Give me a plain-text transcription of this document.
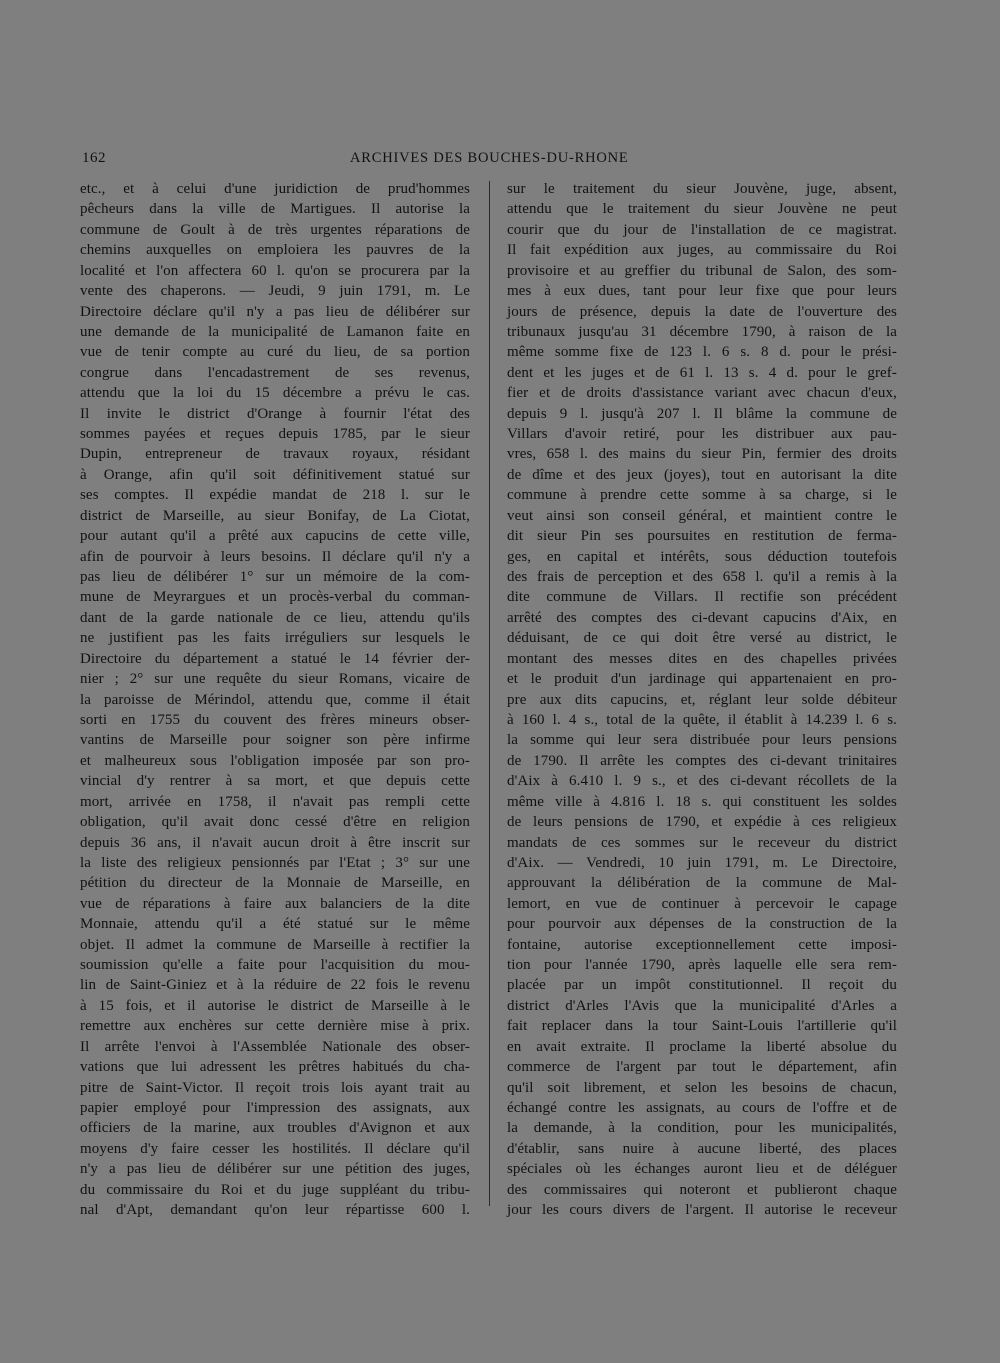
162	ARCHIVES DES BOUCHES-DU-RHONE
etc., et à celui d'une juridiction de prud'hommes
pêcheurs dans la ville de Martigues. Il autorise la
commune de Goult à de très urgentes réparations de
chemins auxquelles on emploiera les pauvres de la
localité et l'on affectera 60 l. qu'on se procurera par la
vente des chaperons. — Jeudi, 9 juin 1791, m. Le
Directoire déclare qu'il n'y a pas lieu de délibérer sur
une demande de la municipalité de Lamanon faite en
vue de tenir compte au curé du lieu, de sa portion
congrue dans l'encadastrement de ses revenus,
attendu que la loi du 15 décembre a prévu le cas.
Il invite le district d'Orange à fournir l'état des
sommes payées et reçues depuis 1785, par le sieur
Dupin, entrepreneur de travaux royaux, résidant
à Orange, afin qu'il soit définitivement statué sur
ses comptes. Il expédie mandat de 218 l. sur le
district de Marseille, au sieur Bonifay, de La Ciotat,
pour autant qu'il a prêté aux capucins de cette ville,
afin de pourvoir à leurs besoins. Il déclare qu'il n'y a
pas lieu de délibérer 1° sur un mémoire de la com-
mune de Meyrargues et un procès-verbal du comman-
dant de la garde nationale de ce lieu, attendu qu'ils
ne justifient pas les faits irréguliers sur lesquels le
Directoire du département a statué le 14 février der-
nier ; 2° sur une requête du sieur Romans, vicaire de
la paroisse de Mérindol, attendu que, comme il était
sorti en 1755 du couvent des frères mineurs obser-
vantins de Marseille pour soigner son père infirme
et malheureux sous l'obligation imposée par son pro-
vincial d'y rentrer à sa mort, et que depuis cette
mort, arrivée en 1758, il n'avait pas rempli cette
obligation, qu'il avait donc cessé d'être en religion
depuis 36 ans, il n'avait aucun droit à être inscrit sur
la liste des religieux pensionnés par l'Etat ; 3° sur une
pétition du directeur de la Monnaie de Marseille, en
vue de réparations à faire aux balanciers de la dite
Monnaie, attendu qu'il a été statué sur le même
objet. Il admet la commune de Marseille à rectifier la
soumission qu'elle a faite pour l'acquisition du mou-
lin de Saint-Giniez et à la réduire de 22 fois le revenu
à 15 fois, et il autorise le district de Marseille à le
remettre aux enchères sur cette dernière mise à prix.
Il arrête l'envoi à l'Assemblée Nationale des obser-
vations que lui adressent les prêtres habitués du cha-
pitre de Saint-Victor. Il reçoit trois lois ayant trait au
papier employé pour l'impression des assignats, aux
officiers de la marine, aux troubles d'Avignon et aux
moyens d'y faire cesser les hostilités. Il déclare qu'il
n'y a pas lieu de délibérer sur une pétition des juges,
du commissaire du Roi et du juge suppléant du tribu-
nal d'Apt, demandant qu'on leur répartisse 600 l.
sur le traitement du sieur Jouvène, juge, absent,
attendu que le traitement du sieur Jouvène ne peut
courir que du jour de l'installation de ce magistrat.
Il fait expédition aux juges, au commissaire du Roi
provisoire et au greffier du tribunal de Salon, des som-
mes à eux dues, tant pour leur fixe que pour leurs
jours de présence, depuis la date de l'ouverture des
tribunaux jusqu'au 31 décembre 1790, à raison de la
même somme fixe de 123 l. 6 s. 8 d. pour le prési-
dent et les juges et de 61 l. 13 s. 4 d. pour le gref-
fier et de droits d'assistance variant avec chacun d'eux,
depuis 9 l. jusqu'à 207 l. Il blâme la commune de
Villars d'avoir retiré, pour les distribuer aux pau-
vres, 658 l. des mains du sieur Pin, fermier des droits
de dîme et des jeux (joyes), tout en autorisant la dite
commune à prendre cette somme à sa charge, si le
veut ainsi son conseil général, et maintient contre le
dit sieur Pin ses poursuites en restitution de ferma-
ges, en capital et intérêts, sous déduction toutefois
des frais de perception et des 658 l. qu'il a remis à la
dite commune de Villars. Il rectifie son précédent
arrêté des comptes des ci-devant capucins d'Aix, en
déduisant, de ce qui doit être versé au district, le
montant des messes dites en des chapelles privées
et le produit d'un jardinage qui appartenaient en pro-
pre aux dits capucins, et, réglant leur solde débiteur
à 160 l. 4 s., total de la quête, il établit à 14.239 l. 6 s.
la somme qui leur sera distribuée pour leurs pensions
de 1790. Il arrête les comptes des ci-devant trinitaires
d'Aix à 6.410 l. 9 s., et des ci-devant récollets de la
même ville à 4.816 l. 18 s. qui constituent les soldes
de leurs pensions de 1790, et expédie à ces religieux
mandats de ces sommes sur le receveur du district
d'Aix. — Vendredi, 10 juin 1791, m. Le Directoire,
approuvant la délibération de la commune de Mal-
lemort, en vue de continuer à percevoir le capage
pour pourvoir aux dépenses de la construction de la
fontaine, autorise exceptionnellement cette imposi-
tion pour l'année 1790, après laquelle elle sera rem-
placée par un impôt constitutionnel. Il reçoit du
district d'Arles l'Avis que la municipalité d'Arles a
fait replacer dans la tour Saint-Louis l'artillerie qu'il
en avait extraite. Il proclame la liberté absolue du
commerce de l'argent par tout le département, afin
qu'il soit librement, et selon les besoins de chacun,
échangé contre les assignats, au cours de l'offre et de
la demande, à la condition, pour les municipalités,
d'établir, sans nuire à aucune liberté, des places
spéciales où les échanges auront lieu et de déléguer
des commissaires qui noteront et publieront chaque
jour les cours divers de l'argent. Il autorise le receveur
